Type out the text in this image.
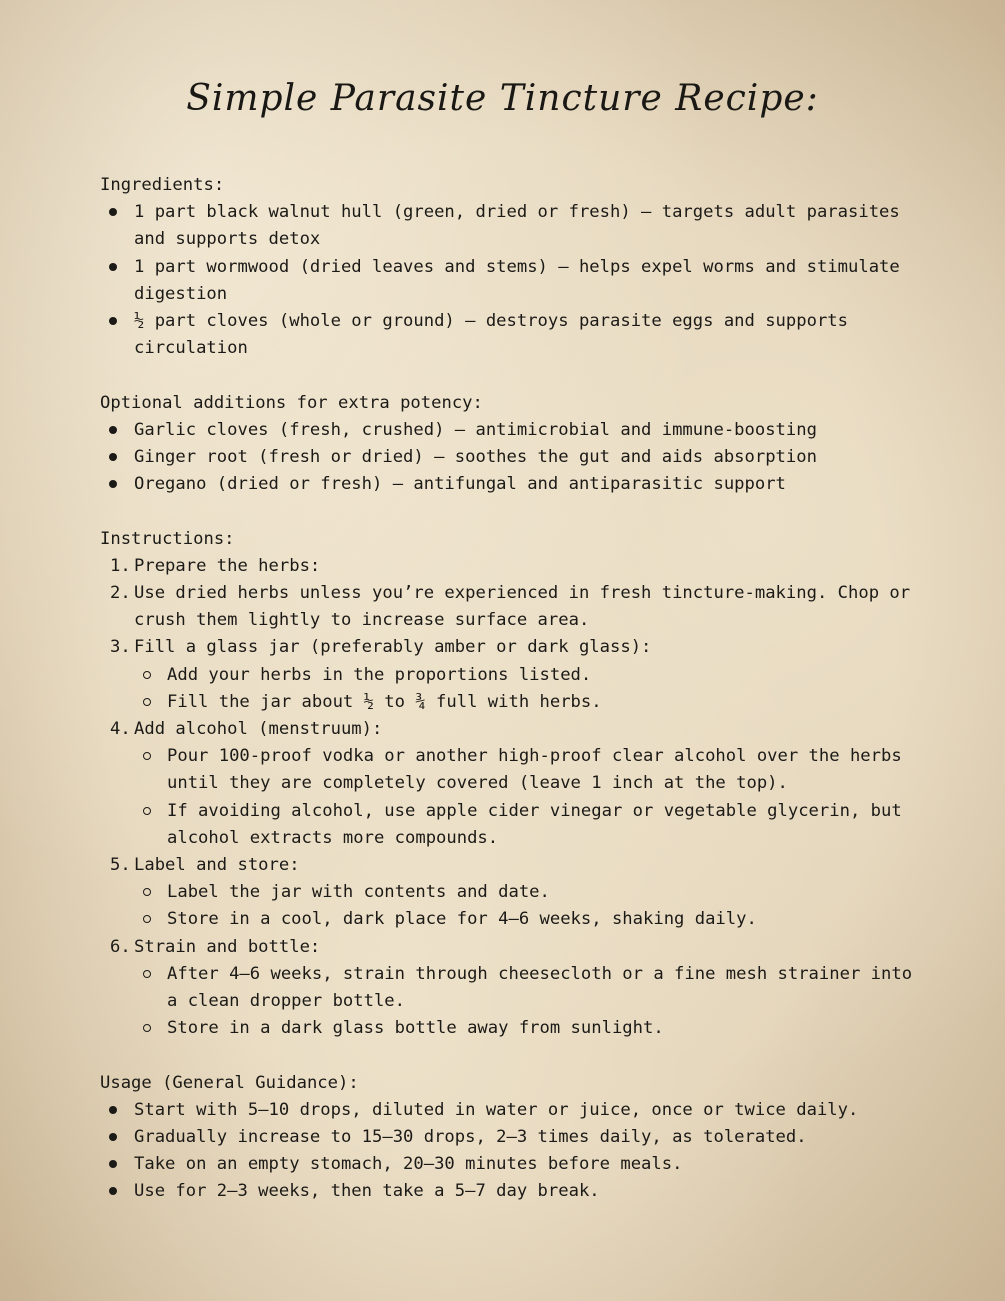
Simple Parasite Tincture Recipe:

Ingredients:

1 part black walnut hull (green, dried or fresh) – targets adult parasites and supports detox
1 part wormwood (dried leaves and stems) – helps expel worms and stimulate digestion
½ part cloves (whole or ground) – destroys parasite eggs and supports circulation

Optional additions for extra potency:

Garlic cloves (fresh, crushed) – antimicrobial and immune-boosting
Ginger root (fresh or dried) – soothes the gut and aids absorption
Oregano (dried or fresh) – antifungal and antiparasitic support

Instructions:

1. Prepare the herbs:
2. Use dried herbs unless you’re experienced in fresh tincture-making. Chop or crush them lightly to increase surface area.
3. Fill a glass jar (preferably amber or dark glass):
Add your herbs in the proportions listed.
Fill the jar about ½ to ¾ full with herbs.
4. Add alcohol (menstruum):
Pour 100-proof vodka or another high-proof clear alcohol over the herbs until they are completely covered (leave 1 inch at the top).
If avoiding alcohol, use apple cider vinegar or vegetable glycerin, but alcohol extracts more compounds.
5. Label and store:
Label the jar with contents and date.
Store in a cool, dark place for 4–6 weeks, shaking daily.
6. Strain and bottle:
After 4–6 weeks, strain through cheesecloth or a fine mesh strainer into a clean dropper bottle.
Store in a dark glass bottle away from sunlight.

Usage (General Guidance):

Start with 5–10 drops, diluted in water or juice, once or twice daily.
Gradually increase to 15–30 drops, 2–3 times daily, as tolerated.
Take on an empty stomach, 20–30 minutes before meals.
Use for 2–3 weeks, then take a 5–7 day break.
